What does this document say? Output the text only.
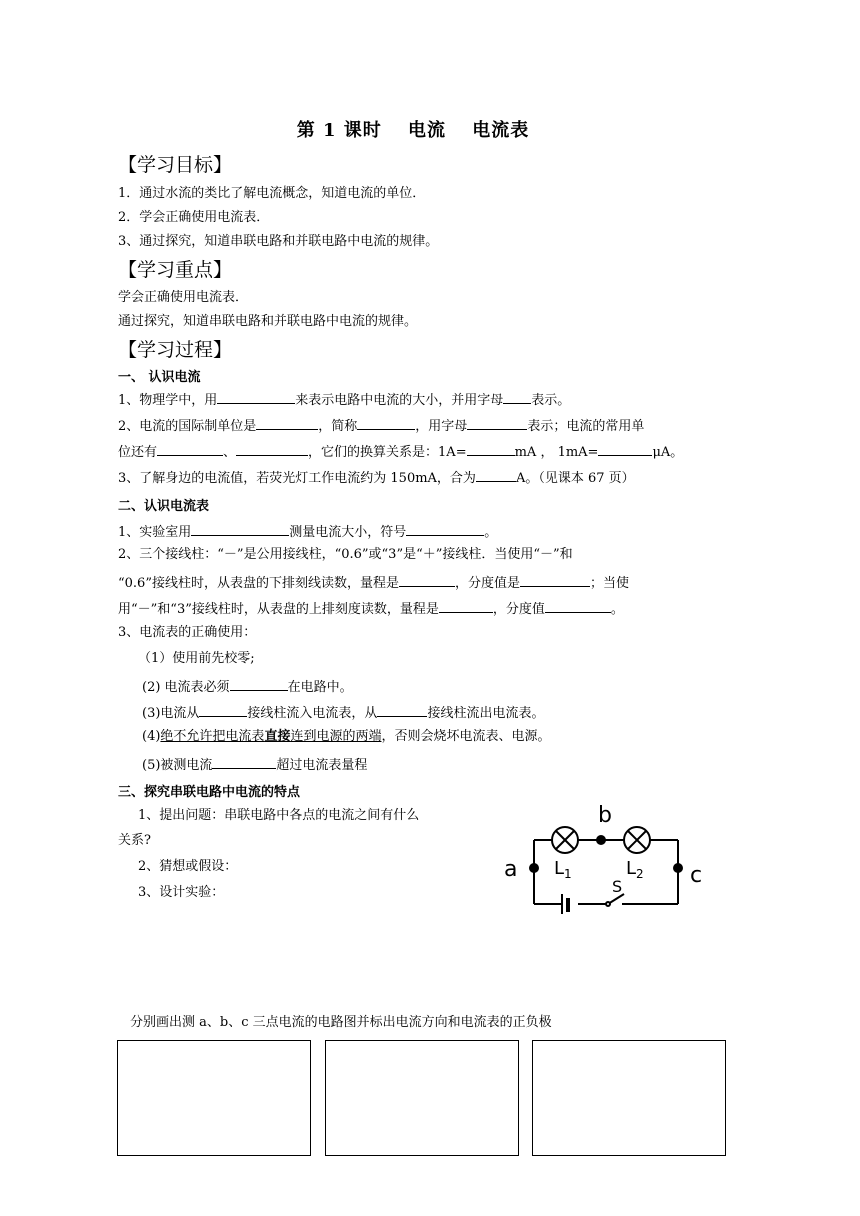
第 1 课时　 电流　 电流表
【学习目标】
1．通过水流的类比了解电流概念，知道电流的单位．
2．学会正确使用电流表．
3、通过探究，知道串联电路和并联电路中电流的规律。
【学习重点】
学会正确使用电流表．
通过探究，知道串联电路和并联电路中电流的规律。
【学习过程】
一、 认识电流
1、物理学中，用	来表示电路中电流的大小，并用字母 表示。
2、电流的国际制单位是	，简称	，用字母	表示；电流的常用单
位还有	、	，它们的换算关系是：1A=	mA ， 1mA=	μA。
3、了解身边的电流值，若荧光灯工作电流约为 150mA，合为	A。（见课本 67 页）
二、认识电流表
1、实验室用	测量电流大小，符号	。
2、三个接线柱：“－”是公用接线柱，“0.6”或“3”是“＋”接线柱．当使用“－”和
“0.6”接线柱时，从表盘的下排刻线读数，量程是	，分度值是	；当使
用“－”和“3”接线柱时，从表盘的上排刻度读数，量程是	，分度值	。
3、电流表的正确使用：
（1）使用前先校零;
(2) 电流表必须	在电路中。
(3)电流从	接线柱流入电流表，从	接线柱流出电流表。
(4)绝不允许把电流表直接连到电源的两端，否则会烧坏电流表、电源。
(5)被测电流	超过电流表量程
三、探究串联电路中电流的特点
1、提出问题：串联电路中各点的电流之间有什么
关系?
2、猜想或假设：
3、设计实验：
a
b
c
$L_1$	$L_2$
S
分别画出测 a、b、c 三点电流的电路图并标出电流方向和电流表的正负极
